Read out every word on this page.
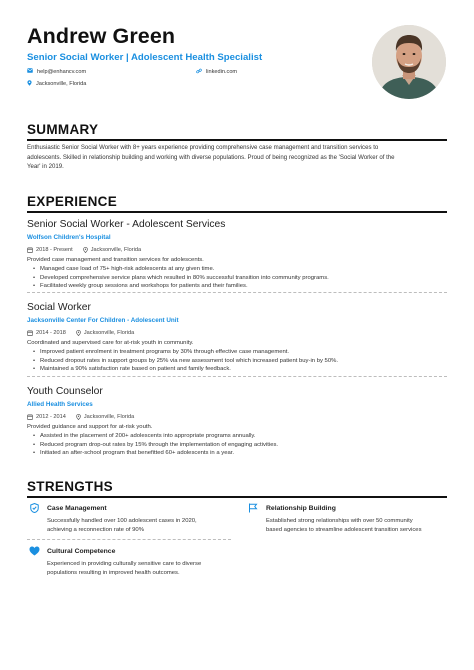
Andrew Green
Senior Social Worker | Adolescent Health Specialist
help@enhancv.com	linkedin.com
Jacksonville, Florida
SUMMARY
Enthusiastic Senior Social Worker with 8+ years experience providing comprehensive case management and transition services to
adolescents. Skilled in relationship building and working with diverse populations. Proud of being recognized as the 'Social Worker of the
Year' in 2019.
EXPERIENCE
Senior Social Worker - Adolescent Services
Wolfson Children's Hospital
2018 - Present	Jacksonville, Florida
Provided case management and transition services for adolescents.
• Managed case load of 75+ high-risk adolescents at any given time.
• Developed comprehensive service plans which resulted in 80% successful transition into community programs.
• Facilitated weekly group sessions and workshops for patients and their families.
Social Worker
Jacksonville Center For Children - Adolescent Unit
2014 - 2018	Jacksonville, Florida
Coordinated and supervised care for at-risk youth in community.
• Improved patient enrolment in treatment programs by 30% through effective case management.
• Reduced dropout rates in support groups by 25% via new assessment tool which increased patient buy-in by 50%.
• Maintained a 90% satisfaction rate based on patient and family feedback.
Youth Counselor
Allied Health Services
2012 - 2014	Jacksonville, Florida
Provided guidance and support for at-risk youth.
• Assisted in the placement of 200+ adolescents into appropriate programs annually.
• Reduced program drop-out rates by 15% through the implementation of engaging activities.
• Initiated an after-school program that benefitted 60+ adolescents in a year.
STRENGTHS
Case Management
Successfully handled over 100 adolescent cases in 2020,
achieving a reconnection rate of 90%
Relationship Building
Established strong relationships with over 50 community
based agencies to streamline adolescent transition services
Cultural Competence
Experienced in providing culturally sensitive care to diverse
populations resulting in improved health outcomes.
